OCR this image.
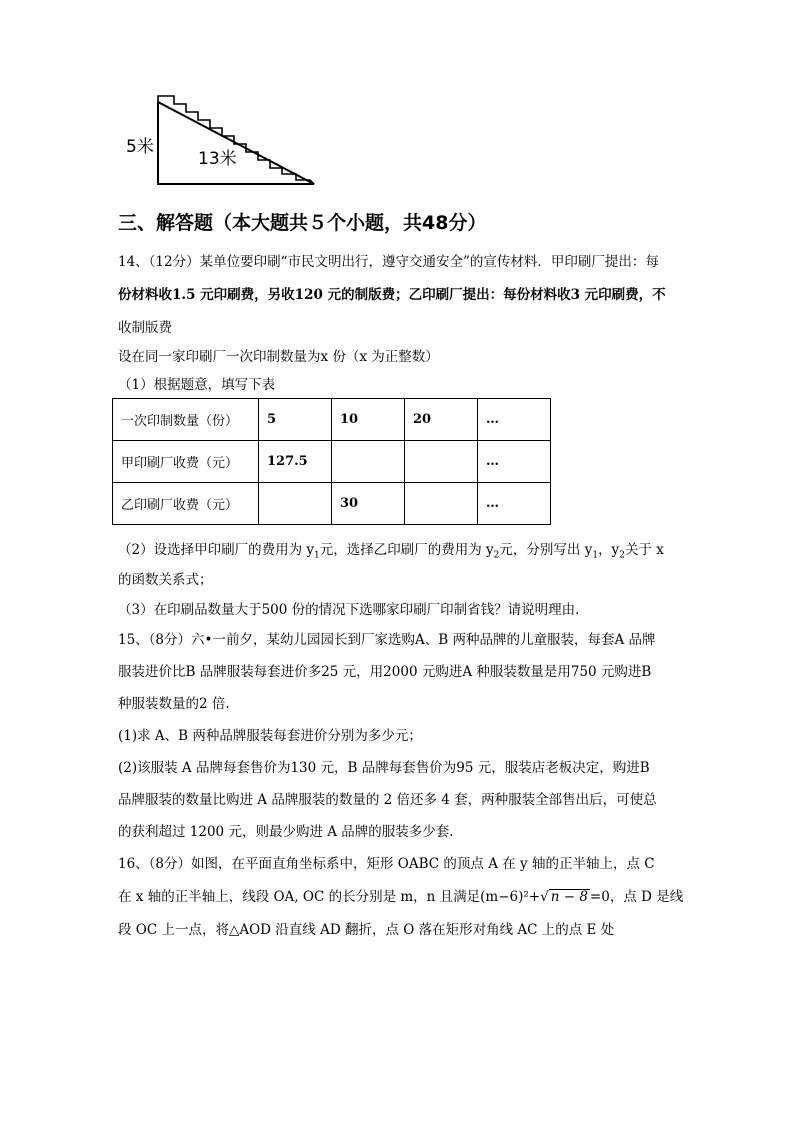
5米
13米
三、解答题（本大题共５个小题，共48分）
14、（12分）某单位要印刷“市民文明出行，遵守交通安全”的宣传材料．甲印刷厂提出：每
份材料收1.5 元印刷费，另收120 元的制版费；乙印刷厂提出：每份材料收3 元印刷费，不
收制版费
设在同一家印刷厂一次印制数量为x 份（x 为正整数）
（1）根据题意，填写下表
一次印制数量（份）	5	10	20	…
甲印刷厂收费（元）	127.5			…
乙印刷厂收费（元）		30		…
（2）设选择甲印刷厂的费用为 $y_1$元，选择乙印刷厂的费用为 $y_2$元，分别写出 $y_1$，$y_2$关于 x
的函数关系式；
（3）在印刷品数量大于500 份的情况下选哪家印刷厂印制省钱？请说明理由．
15、（8分）六•一前夕，某幼儿园园长到厂家选购A、B 两种品牌的儿童服装，每套A 品牌
服装进价比B 品牌服装每套进价多25 元，用2000 元购进A 种服装数量是用750 元购进B
种服装数量的2 倍.
(1)求 A、B 两种品牌服装每套进价分别为多少元；
(2)该服装 A 品牌每套售价为130 元，B 品牌每套售价为95 元，服装店老板决定，购进B
品牌服装的数量比购进 A 品牌服装的数量的 2 倍还多 4 套，两种服装全部售出后，可使总
的获利超过 1200 元，则最少购进 A 品牌的服装多少套.
16、（8分）如图，在平面直角坐标系中，矩形 OABC 的顶点 A 在 y 轴的正半轴上，点 C
在 x 轴的正半轴上，线段 OA, OC 的长分别是 m，n 且满足(m−6)²+√ n − 8 =0，点 D 是线
段 OC 上一点，将△AOD 沿直线 AD 翻折，点 O 落在矩形对角线 AC 上的点 E 处
